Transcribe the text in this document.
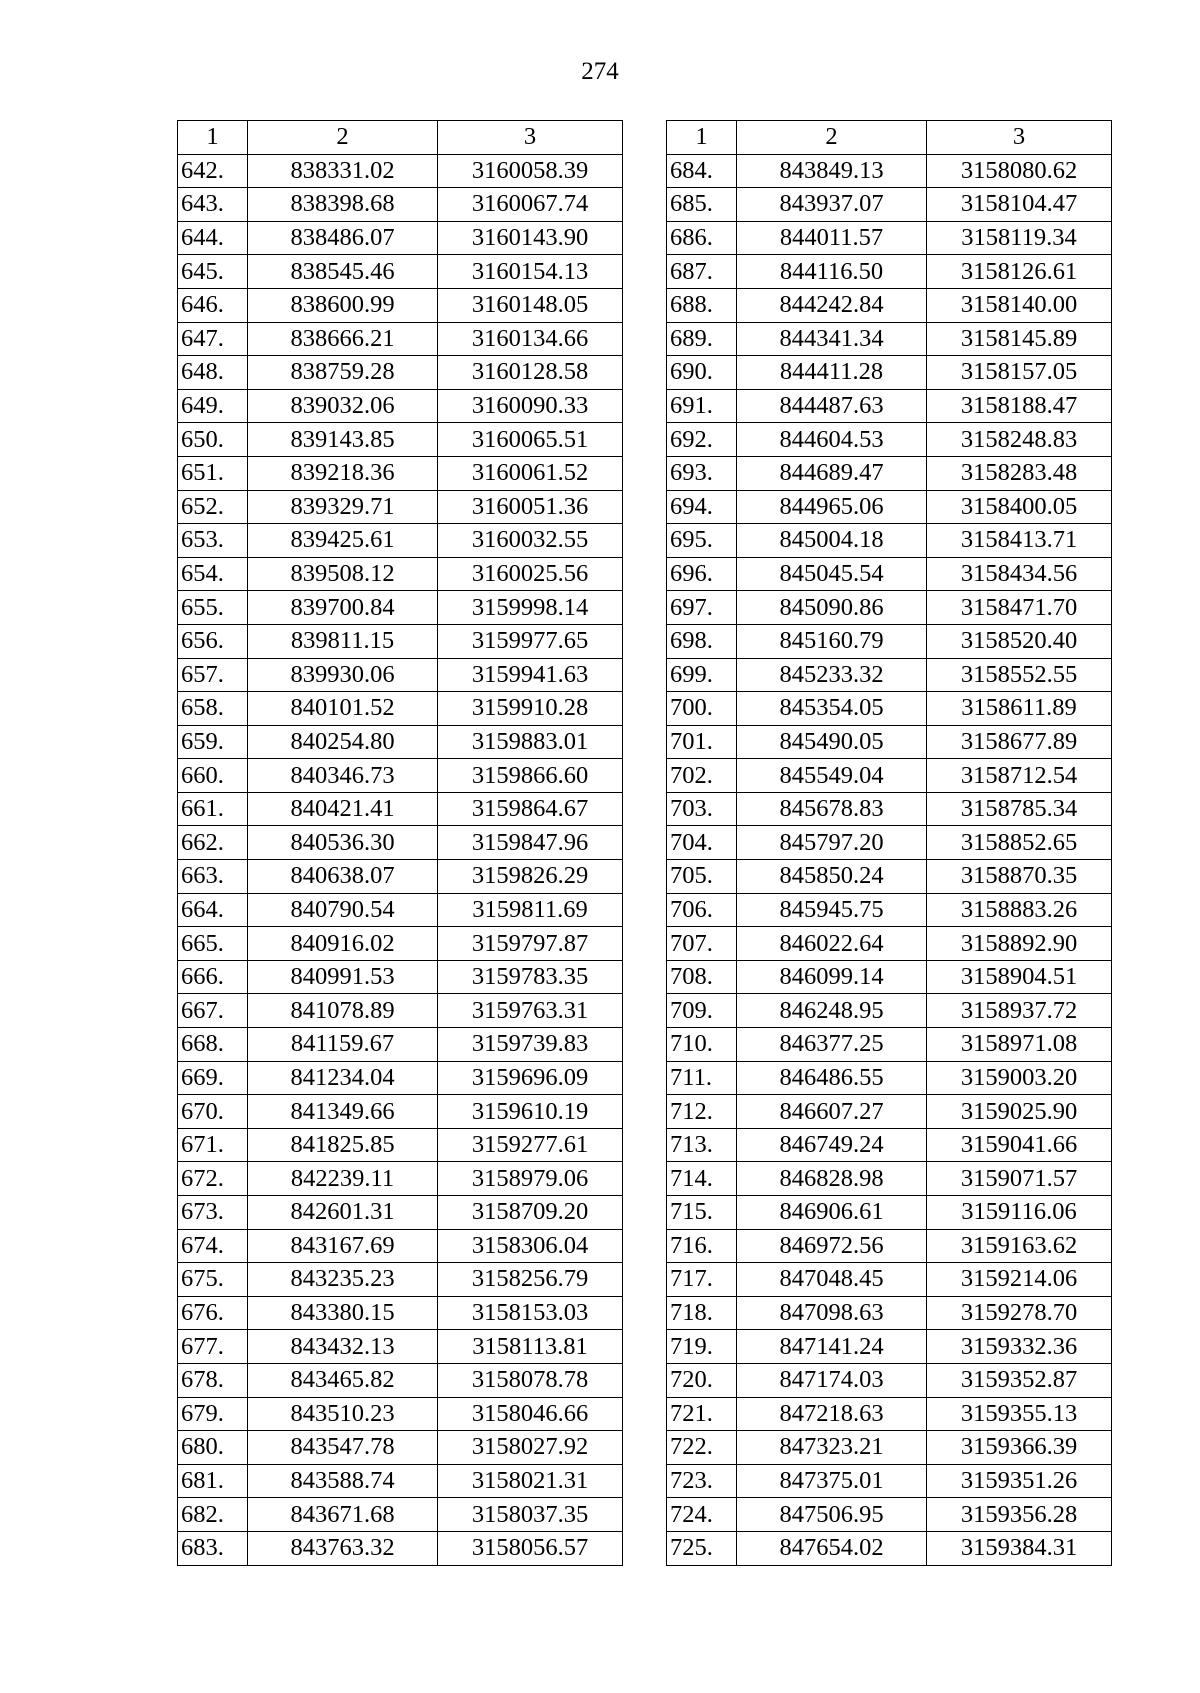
274
1	2	3
642.	838331.02	3160058.39
643.	838398.68	3160067.74
644.	838486.07	3160143.90
645.	838545.46	3160154.13
646.	838600.99	3160148.05
647.	838666.21	3160134.66
648.	838759.28	3160128.58
649.	839032.06	3160090.33
650.	839143.85	3160065.51
651.	839218.36	3160061.52
652.	839329.71	3160051.36
653.	839425.61	3160032.55
654.	839508.12	3160025.56
655.	839700.84	3159998.14
656.	839811.15	3159977.65
657.	839930.06	3159941.63
658.	840101.52	3159910.28
659.	840254.80	3159883.01
660.	840346.73	3159866.60
661.	840421.41	3159864.67
662.	840536.30	3159847.96
663.	840638.07	3159826.29
664.	840790.54	3159811.69
665.	840916.02	3159797.87
666.	840991.53	3159783.35
667.	841078.89	3159763.31
668.	841159.67	3159739.83
669.	841234.04	3159696.09
670.	841349.66	3159610.19
671.	841825.85	3159277.61
672.	842239.11	3158979.06
673.	842601.31	3158709.20
674.	843167.69	3158306.04
675.	843235.23	3158256.79
676.	843380.15	3158153.03
677.	843432.13	3158113.81
678.	843465.82	3158078.78
679.	843510.23	3158046.66
680.	843547.78	3158027.92
681.	843588.74	3158021.31
682.	843671.68	3158037.35
683.	843763.32	3158056.57
1	2	3
684.	843849.13	3158080.62
685.	843937.07	3158104.47
686.	844011.57	3158119.34
687.	844116.50	3158126.61
688.	844242.84	3158140.00
689.	844341.34	3158145.89
690.	844411.28	3158157.05
691.	844487.63	3158188.47
692.	844604.53	3158248.83
693.	844689.47	3158283.48
694.	844965.06	3158400.05
695.	845004.18	3158413.71
696.	845045.54	3158434.56
697.	845090.86	3158471.70
698.	845160.79	3158520.40
699.	845233.32	3158552.55
700.	845354.05	3158611.89
701.	845490.05	3158677.89
702.	845549.04	3158712.54
703.	845678.83	3158785.34
704.	845797.20	3158852.65
705.	845850.24	3158870.35
706.	845945.75	3158883.26
707.	846022.64	3158892.90
708.	846099.14	3158904.51
709.	846248.95	3158937.72
710.	846377.25	3158971.08
711.	846486.55	3159003.20
712.	846607.27	3159025.90
713.	846749.24	3159041.66
714.	846828.98	3159071.57
715.	846906.61	3159116.06
716.	846972.56	3159163.62
717.	847048.45	3159214.06
718.	847098.63	3159278.70
719.	847141.24	3159332.36
720.	847174.03	3159352.87
721.	847218.63	3159355.13
722.	847323.21	3159366.39
723.	847375.01	3159351.26
724.	847506.95	3159356.28
725.	847654.02	3159384.31
